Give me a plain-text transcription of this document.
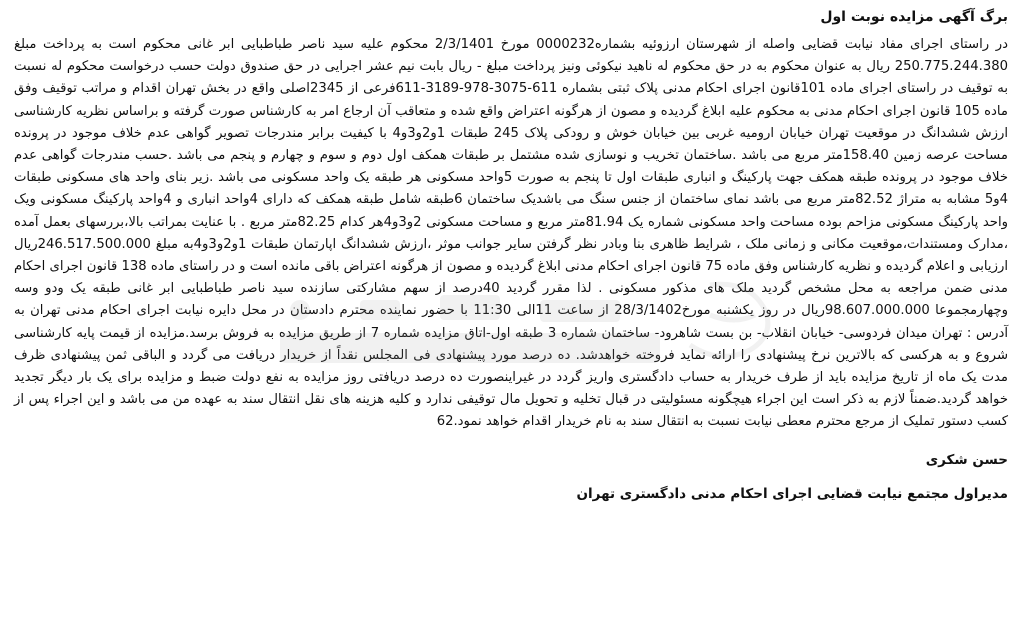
برگ آگهی مزایده نوبت اول

در راستای اجرای مفاد نیابت قضایی واصله از شهرستان ارزوئیه بشماره0000232 مورخ 2/3/1401 محکوم علیه سید ناصر طباطبایی ابر غانی محکوم است به پرداخت مبلغ 250.775.244.380 ریال به عنوان محکوم به در حق محکوم له ناهید نیکوئی ونیز پرداخت مبلغ - ریال بابت نیم عشر اجرایی در حق صندوق دولت حسب درخواست محکوم له نسبت به توقیف در راستای اجرای ماده 101قانون اجرای احکام مدنی پلاک ثبتی بشماره 611-3075-978-3189-611فرعی از 2345اصلی واقع در بخش تهران اقدام و مراتب توقیف وفق ماده 105 قانون اجرای احکام مدنی به محکوم علیه ابلاغ گردیده و مصون از هرگونه اعتراض واقع شده و متعاقب آن ارجاع امر به کارشناس صورت گرفته و براساس نظریه کارشناسی ارزش ششدانگ در موقعیت تهران خیابان ارومیه غربی بین خیابان خوش و رودکی پلاک 245 طبقات 1و2و3و4 با کیفیت برابر مندرجات تصویر گواهی عدم خلاف موجود در پرونده مساحت عرصه زمین 158.40متر مربع می باشد .ساختمان تخریب و نوسازی شده مشتمل بر طبقات همکف اول دوم و سوم و چهارم و پنجم می باشد .حسب مندرجات گواهی عدم خلاف موجود در پرونده طبقه همکف جهت پارکینگ و انباری طبقات اول تا پنجم به صورت 5واحد مسکونی هر طبقه یک واحد مسکونی می باشد .زیر بنای واحد های مسکونی طبقات 4و5 مشابه به متراژ 82.52متر مربع می باشد نمای ساختمان از جنس سنگ می باشدیک ساختمان 6طبقه شامل طبقه همکف که دارای 4واحد انباری و 4واحد پارکینگ مسکونی ویک واحد پارکینگ مسکونی مزاحم بوده مساحت واحد مسکونی شماره یک 81.94متر مربع و مساحت مسکونی 2و3و4هر کدام 82.25متر مربع . با عنایت بمراتب بالا،بررسهای بعمل آمده ،مدارک ومستندات،موقعیت مکانی و زمانی ملک ، شرایط ظاهری بنا وبادر نظر گرفتن سایر جوانب موثر ،ارزش ششدانگ اپارتمان طبقات 1و2و3و4به مبلغ 246.517.500.000ریال ارزیابی و اعلام گردیده و نظریه کارشناس وفق ماده 75 قانون اجرای احکام مدنی ابلاغ گردیده و مصون از هرگونه اعتراض باقی مانده است و در راستای ماده 138 قانون اجرای احکام مدنی ضمن مراجعه به محل مشخص گردید ملک های مذکور مسکونی . لذا مقرر گردید 40درصد از سهم مشارکتی سازنده سید ناصر طباطبایی ابر غانی طبقه یک ودو وسه وچهارمجموعا 98.607.000.000ریال در روز یکشنبه مورخ28/3/1402 از ساعت 11الی 11:30 با حضور نماینده محترم دادستان در محل دایره نیابت اجرای احکام مدنی تهران به آدرس : تهران میدان فردوسی- خیابان انقلاب- بن بست شاهرود- ساختمان شماره 3 طبقه اول-اتاق مزایده شماره 7 از طریق مزایده به فروش برسد.مزایده از قیمت پایه کارشناسی شروع و به هرکسی که بالاترین نرخ پیشنهادی را ارائه نماید فروخته خواهدشد. ده درصد مورد پیشنهادی فی المجلس نقداً از خریدار دریافت می گردد و الباقی ثمن پیشنهادی ظرف مدت یک ماه از تاریخ مزایده باید از طرف خریدار به حساب دادگستری واریز گردد در غیراینصورت ده درصد دریافتی روز مزایده به نفع دولت ضبط و مزایده برای یک بار دیگر تجدید خواهد گردید.ضمناً لازم به ذکر است این اجراء هیچگونه مسئولیتی در قبال تخلیه و تحویل مال توقیفی ندارد و کلیه هزینه های نقل انتقال سند به عهده من می باشد و این اجراء پس از کسب دستور تملیک از مرجع محترم معطی نیابت نسبت به انتقال سند به نام خریدار اقدام خواهد نمود.62

حسن شکری
مدیراول مجتمع نیابت قضایی اجرای احکام مدنی دادگستری تهران
